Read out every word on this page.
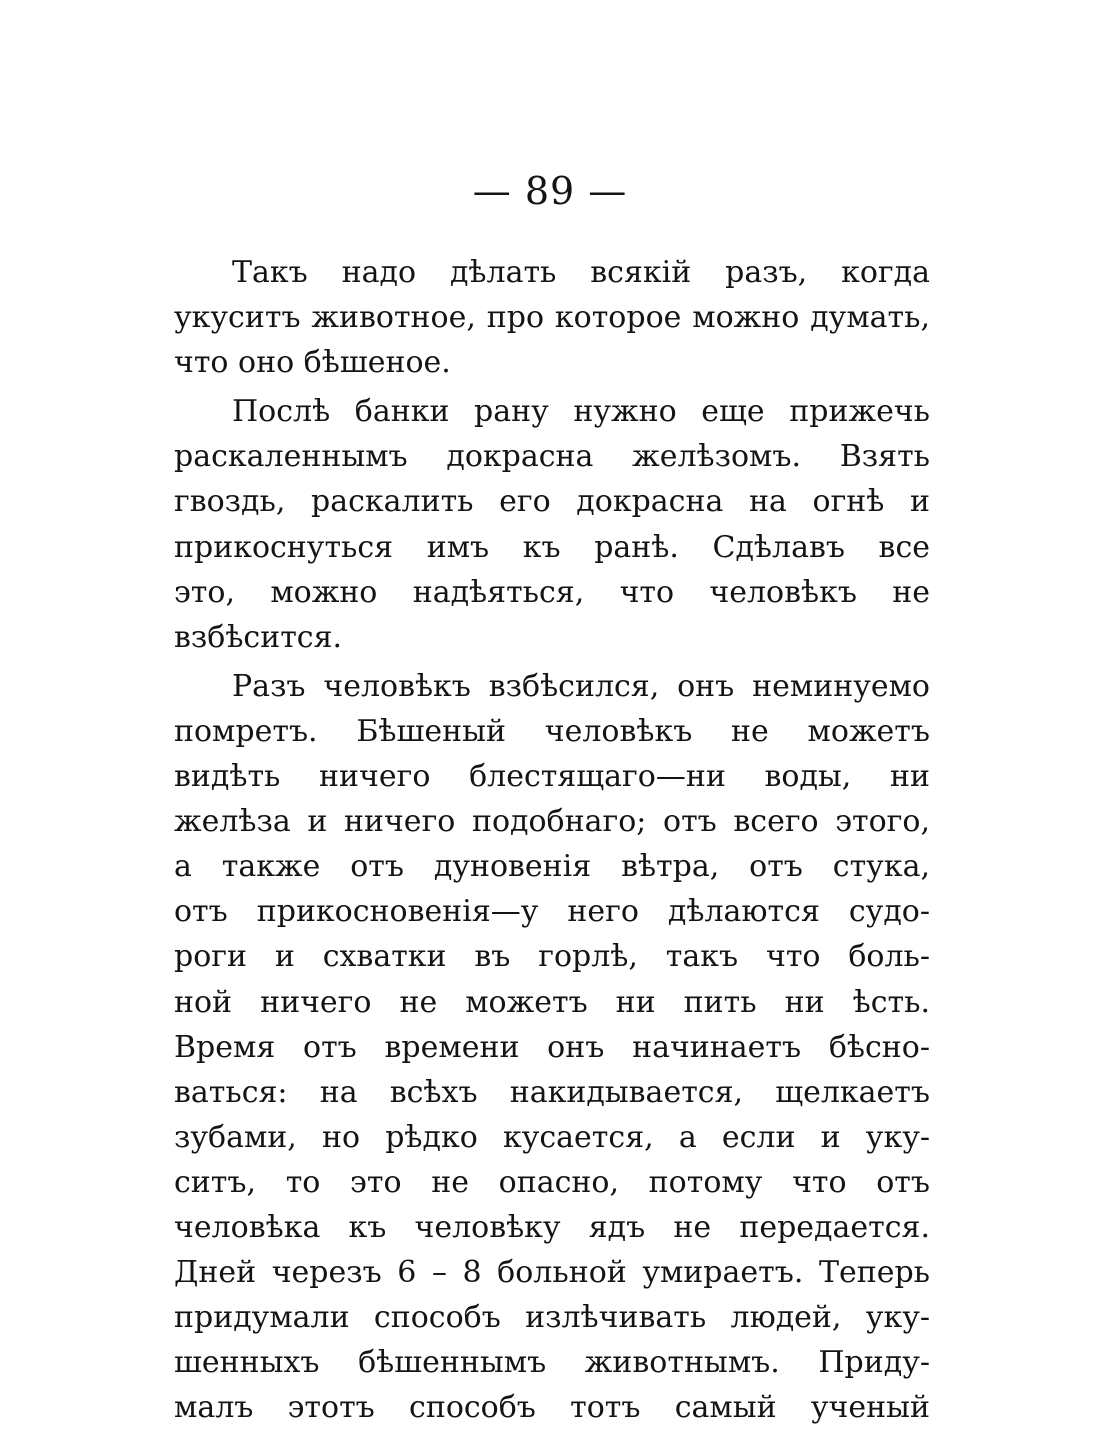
— 89 —
Такъ надо дѣлать всякій разъ, когда
укуситъ животное, про которое можно думать,
что оно бѣшеное.
Послѣ банки рану нужно еще прижечь
раскаленнымъ докрасна желѣзомъ. Взять
гвоздь, раскалить его докрасна на огнѣ и
прикоснуться имъ къ ранѣ. Сдѣлавъ все
это, можно надѣяться, что человѣкъ не
взбѣсится.
Разъ человѣкъ взбѣсился, онъ неминуемо
помретъ. Бѣшеный человѣкъ не можетъ
видѣть ничего блестящаго—ни воды, ни
желѣза и ничего подобнаго; отъ всего этого,
а также отъ дуновенія вѣтра, отъ стука,
отъ прикосновенія—у него дѣлаются судо-
роги и схватки въ горлѣ, такъ что боль-
ной ничего не можетъ ни пить ни ѣсть.
Время отъ времени онъ начинаетъ бѣсно-
ваться: на всѣхъ накидывается, щелкаетъ
зубами, но рѣдко кусается, а если и уку-
ситъ, то это не опасно, потому что отъ
человѣка къ человѣку ядъ не передается.
Дней черезъ 6 – 8 больной умираетъ. Теперь
придумали способъ излѣчивать людей, уку-
шенныхъ бѣшеннымъ животнымъ. Приду-
малъ этотъ способъ тотъ самый ученый
